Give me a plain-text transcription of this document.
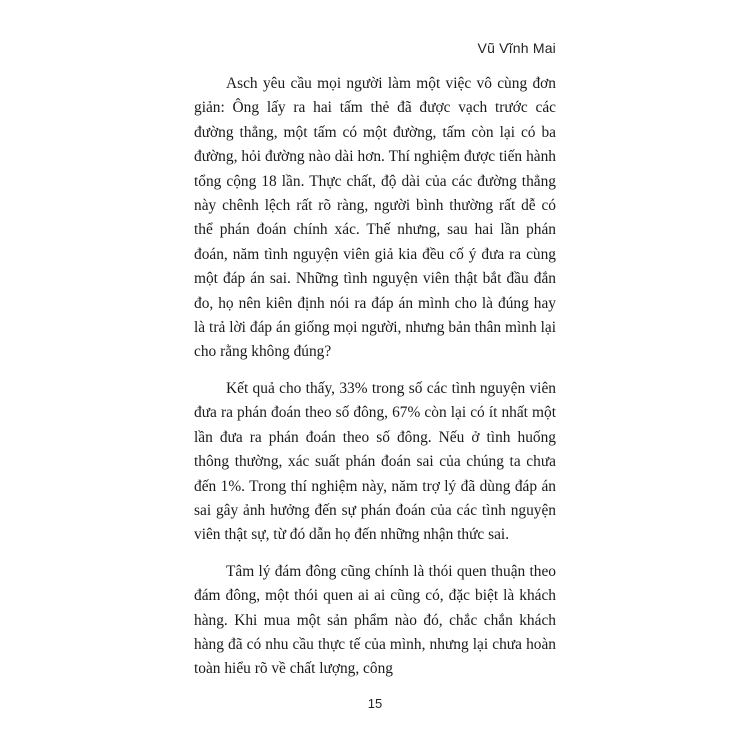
Vũ Vĩnh Mai

Asch yêu cầu mọi người làm một việc vô cùng đơn giản: Ông lấy ra hai tấm thẻ đã được vạch trước các đường thẳng, một tấm có một đường, tấm còn lại có ba đường, hỏi đường nào dài hơn. Thí nghiệm được tiến hành tổng cộng 18 lần. Thực chất, độ dài của các đường thẳng này chênh lệch rất rõ ràng, người bình thường rất dễ có thể phán đoán chính xác. Thế nhưng, sau hai lần phán đoán, năm tình nguyện viên giả kia đều cố ý đưa ra cùng một đáp án sai. Những tình nguyện viên thật bắt đầu đắn đo, họ nên kiên định nói ra đáp án mình cho là đúng hay là trả lời đáp án giống mọi người, nhưng bản thân mình lại cho rằng không đúng?

Kết quả cho thấy, 33% trong số các tình nguyện viên đưa ra phán đoán theo số đông, 67% còn lại có ít nhất một lần đưa ra phán đoán theo số đông. Nếu ở tình huống thông thường, xác suất phán đoán sai của chúng ta chưa đến 1%. Trong thí nghiệm này, năm trợ lý đã dùng đáp án sai gây ảnh hưởng đến sự phán đoán của các tình nguyện viên thật sự, từ đó dẫn họ đến những nhận thức sai.

Tâm lý đám đông cũng chính là thói quen thuận theo đám đông, một thói quen ai ai cũng có, đặc biệt là khách hàng. Khi mua một sản phẩm nào đó, chắc chắn khách hàng đã có nhu cầu thực tế của mình, nhưng lại chưa hoàn toàn hiểu rõ về chất lượng, công

15
